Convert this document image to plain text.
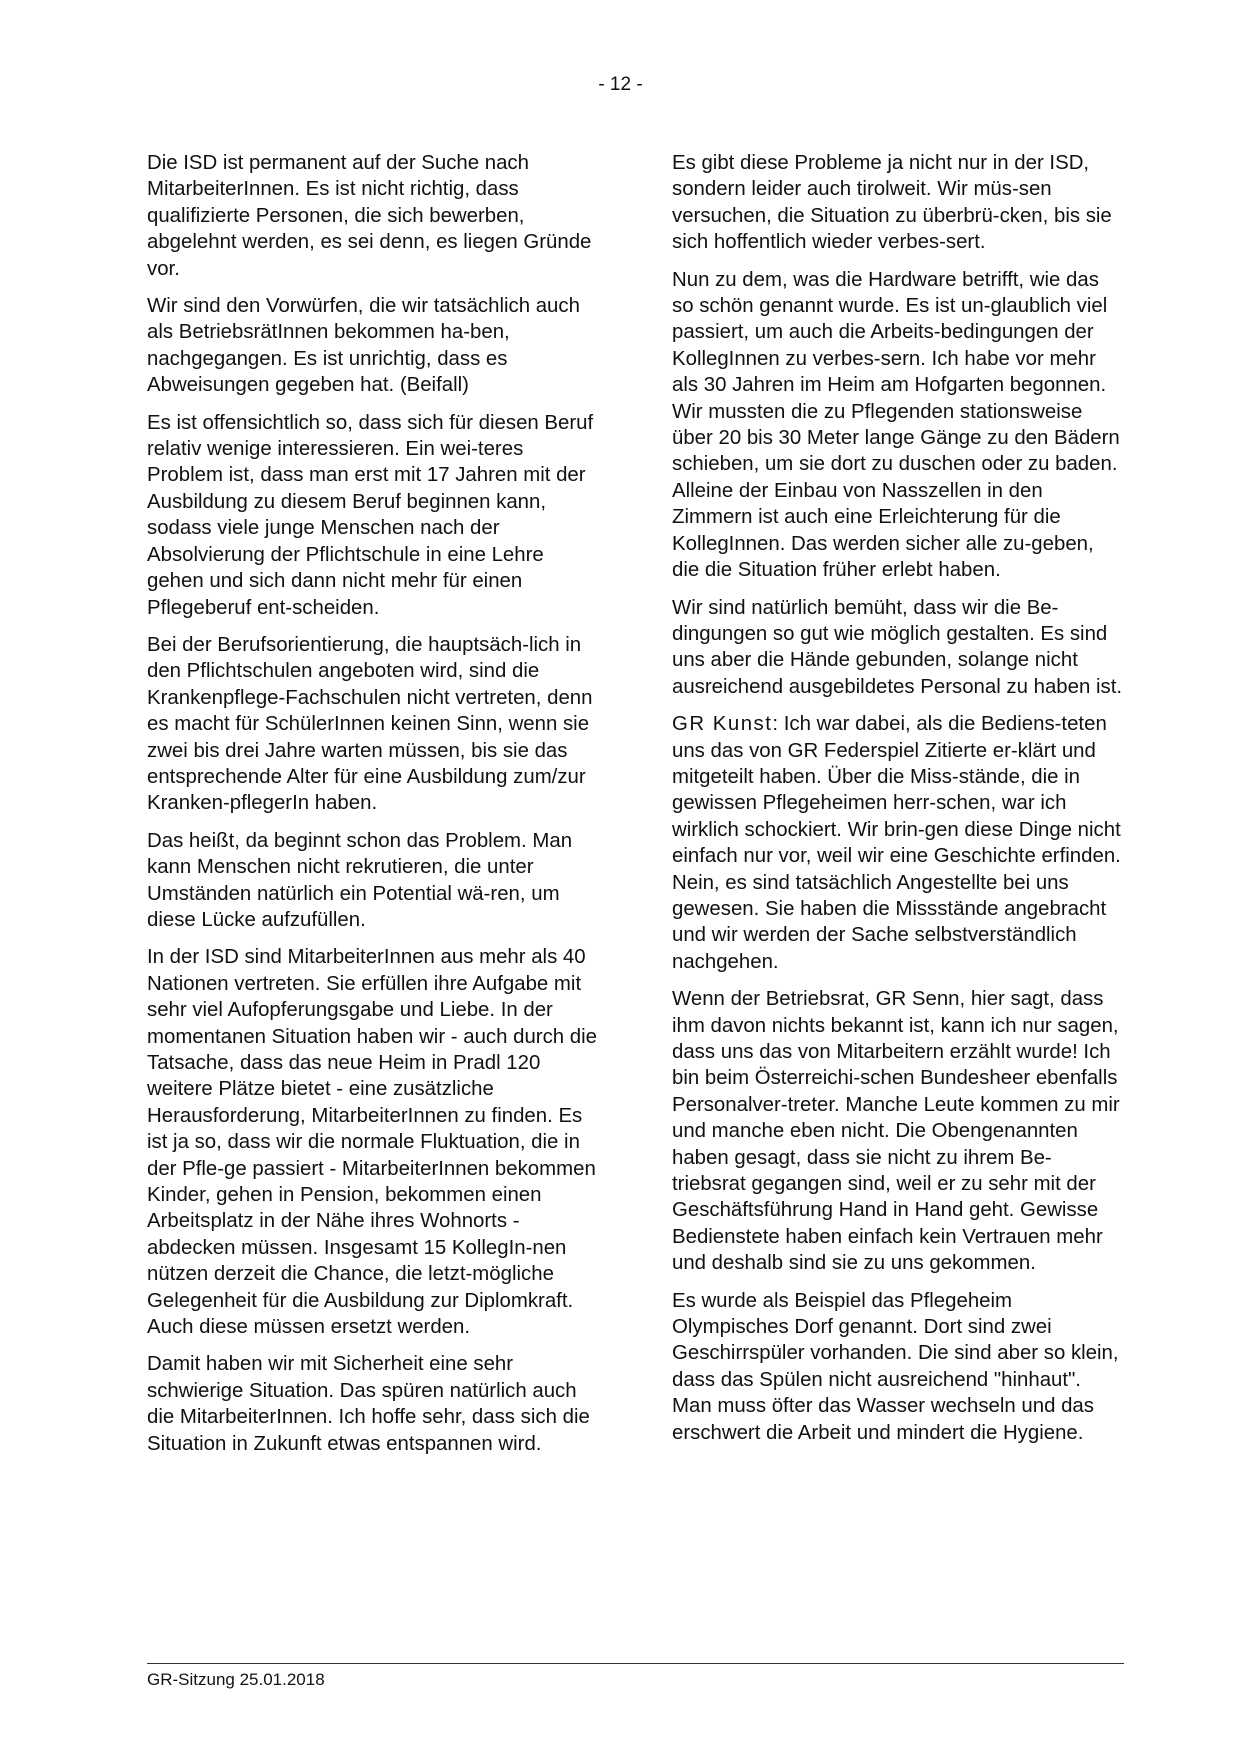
- 12 -

Die ISD ist permanent auf der Suche nach MitarbeiterInnen. Es ist nicht richtig, dass qualifizierte Personen, die sich bewerben, abgelehnt werden, es sei denn, es liegen Gründe vor.

Wir sind den Vorwürfen, die wir tatsächlich auch als BetriebsrätInnen bekommen ha-ben, nachgegangen. Es ist unrichtig, dass es Abweisungen gegeben hat. (Beifall)

Es ist offensichtlich so, dass sich für diesen Beruf relativ wenige interessieren. Ein wei-teres Problem ist, dass man erst mit 17 Jahren mit der Ausbildung zu diesem Beruf beginnen kann, sodass viele junge Menschen nach der Absolvierung der Pflichtschule in eine Lehre gehen und sich dann nicht mehr für einen Pflegeberuf ent-scheiden.

Bei der Berufsorientierung, die hauptsäch-lich in den Pflichtschulen angeboten wird, sind die Krankenpflege-Fachschulen nicht vertreten, denn es macht für SchülerInnen keinen Sinn, wenn sie zwei bis drei Jahre warten müssen, bis sie das entsprechende Alter für eine Ausbildung zum/zur Kranken-pflegerIn haben.

Das heißt, da beginnt schon das Problem. Man kann Menschen nicht rekrutieren, die unter Umständen natürlich ein Potential wä-ren, um diese Lücke aufzufüllen.

In der ISD sind MitarbeiterInnen aus mehr als 40 Nationen vertreten. Sie erfüllen ihre Aufgabe mit sehr viel Aufopferungsgabe und Liebe. In der momentanen Situation haben wir - auch durch die Tatsache, dass das neue Heim in Pradl 120 weitere Plätze bietet - eine zusätzliche Herausforderung, MitarbeiterInnen zu finden. Es ist ja so, dass wir die normale Fluktuation, die in der Pfle-ge passiert - MitarbeiterInnen bekommen Kinder, gehen in Pension, bekommen einen Arbeitsplatz in der Nähe ihres Wohnorts - abdecken müssen. Insgesamt 15 KollegIn-nen nützen derzeit die Chance, die letzt-mögliche Gelegenheit für die Ausbildung zur Diplomkraft. Auch diese müssen ersetzt werden.

Damit haben wir mit Sicherheit eine sehr schwierige Situation. Das spüren natürlich auch die MitarbeiterInnen. Ich hoffe sehr, dass sich die Situation in Zukunft etwas entspannen wird.

Es gibt diese Probleme ja nicht nur in der ISD, sondern leider auch tirolweit. Wir müs-sen versuchen, die Situation zu überbrü-cken, bis sie sich hoffentlich wieder verbes-sert.

Nun zu dem, was die Hardware betrifft, wie das so schön genannt wurde. Es ist un-glaublich viel passiert, um auch die Arbeits-bedingungen der KollegInnen zu verbes-sern. Ich habe vor mehr als 30 Jahren im Heim am Hofgarten begonnen. Wir mussten die zu Pflegenden stationsweise über 20 bis 30 Meter lange Gänge zu den Bädern schieben, um sie dort zu duschen oder zu baden. Alleine der Einbau von Nasszellen in den Zimmern ist auch eine Erleichterung für die KollegInnen. Das werden sicher alle zu-geben, die die Situation früher erlebt haben.

Wir sind natürlich bemüht, dass wir die Be-dingungen so gut wie möglich gestalten. Es sind uns aber die Hände gebunden, solange nicht ausreichend ausgebildetes Personal zu haben ist.

GR Kunst: Ich war dabei, als die Bediens-teten uns das von GR Federspiel Zitierte er-klärt und mitgeteilt haben. Über die Miss-stände, die in gewissen Pflegeheimen herr-schen, war ich wirklich schockiert. Wir brin-gen diese Dinge nicht einfach nur vor, weil wir eine Geschichte erfinden. Nein, es sind tatsächlich Angestellte bei uns gewesen. Sie haben die Missstände angebracht und wir werden der Sache selbstverständlich nachgehen.

Wenn der Betriebsrat, GR Senn, hier sagt, dass ihm davon nichts bekannt ist, kann ich nur sagen, dass uns das von Mitarbeitern erzählt wurde! Ich bin beim Österreichi-schen Bundesheer ebenfalls Personalver-treter. Manche Leute kommen zu mir und manche eben nicht. Die Obengenannten haben gesagt, dass sie nicht zu ihrem Be-triebsrat gegangen sind, weil er zu sehr mit der Geschäftsführung Hand in Hand geht. Gewisse Bedienstete haben einfach kein Vertrauen mehr und deshalb sind sie zu uns gekommen.

Es wurde als Beispiel das Pflegeheim Olympisches Dorf genannt. Dort sind zwei Geschirrspüler vorhanden. Die sind aber so klein, dass das Spülen nicht ausreichend "hinhaut". Man muss öfter das Wasser wechseln und das erschwert die Arbeit und mindert die Hygiene.

GR-Sitzung 25.01.2018
